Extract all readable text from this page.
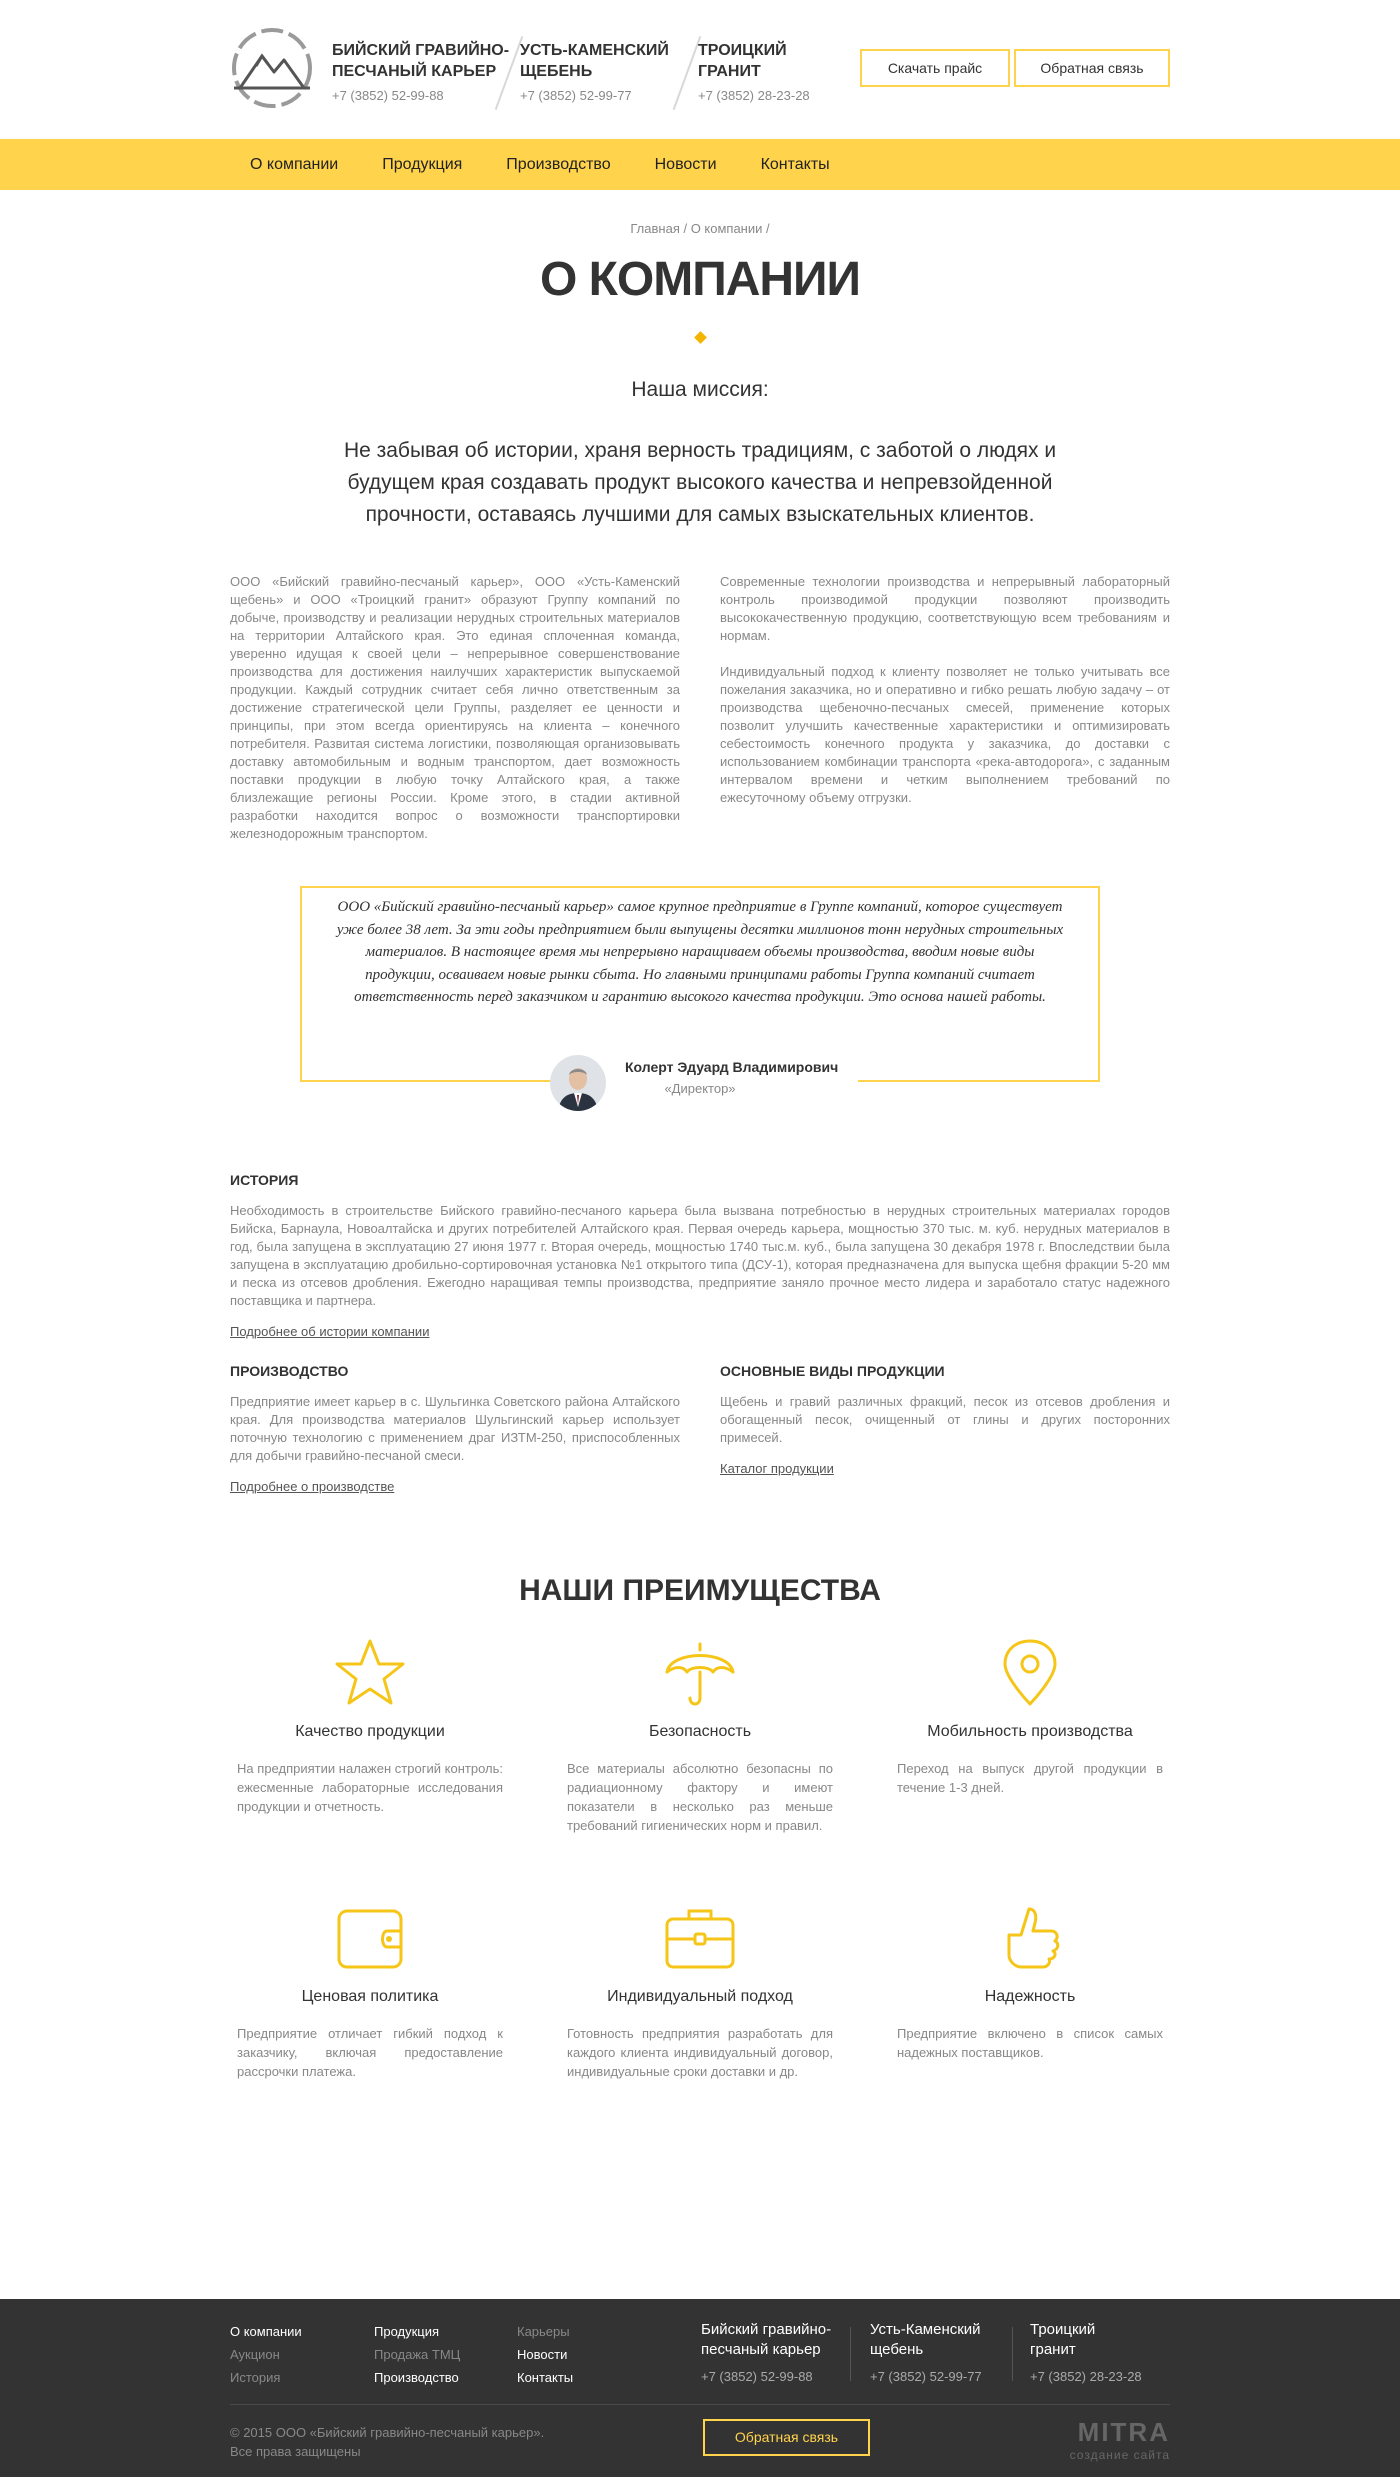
БИЙСКИЙ ГРАВИЙНО-
ПЕСЧАНЫЙ КАРЬЕР
+7 (3852) 52-99-88
УСТЬ-КАМЕНСКИЙ
ЩЕБЕНЬ
+7 (3852) 52-99-77
ТРОИЦКИЙ
ГРАНИТ
+7 (3852) 28-23-28
Скачать прайс	Обратная связь
О компании	Продукция	Производство	Новости	Контакты
Главная / О компании /
О КОМПАНИИ
Наша миссия:
Не забывая об истории, храня верность традициям, с заботой о людях и будущем края создавать продукт высокого качества и непревзойденной прочности, оставаясь лучшими для самых взыскательных клиентов.

ООО «Бийский гравийно-песчаный карьер», ООО «Усть-Каменский щебень» и ООО «Троицкий гранит» образуют Группу компаний по добыче, производству и реализации нерудных строительных материалов на территории Алтайского края. Это единая сплоченная команда, уверенно идущая к своей цели – непрерывное совершенствование производства для достижения наилучших характеристик выпускаемой продукции. Каждый сотрудник считает себя лично ответственным за достижение стратегической цели Группы, разделяет ее ценности и принципы, при этом всегда ориентируясь на клиента – конечного потребителя. Развитая система логистики, позволяющая организовывать доставку автомобильным и водным транспортом, дает возможность поставки продукции в любую точку Алтайского края, а также близлежащие регионы России. Кроме этого, в стадии активной разработки находится вопрос о возможности транспортировки железнодорожным транспортом.

Современные технологии производства и непрерывный лабораторный контроль производимой продукции позволяют производить высококачественную продукцию, соответствующую всем требованиям и нормам.

Индивидуальный подход к клиенту позволяет не только учитывать все пожелания заказчика, но и оперативно и гибко решать любую задачу – от производства щебеночно-песчаных смесей, применение которых позволит улучшить качественные характеристики и оптимизировать себестоимость конечного продукта у заказчика, до доставки с использованием комбинации транспорта «река-автодорога», с заданным интервалом времени и четким выполнением требований по ежесуточному объему отгрузки.

ООО «Бийский гравийно-песчаный карьер» самое крупное предприятие в Группе компаний, которое существует уже более 38 лет. За эти годы предприятием были выпущены десятки миллионов тонн нерудных строительных материалов. В настоящее время мы непрерывно наращиваем объемы производства, вводим новые виды продукции, осваиваем новые рынки сбыта. Но главными принципами работы Группа компаний считает ответственность перед заказчиком и гарантию высокого качества продукции. Это основа нашей работы.
Колерт Эдуард Владимирович
«Директор»
ИСТОРИЯ
Необходимость в строительстве Бийского гравийно-песчаного карьера была вызвана потребностью в нерудных строительных материалах городов Бийска, Барнаула, Новоалтайска и других потребителей Алтайского края. Первая очередь карьера, мощностью 370 тыс. м. куб. нерудных материалов в год, была запущена в эксплуатацию 27 июня 1977 г. Вторая очередь, мощностью 1740 тыс.м. куб., была запущена 30 декабря 1978 г. Впоследствии была запущена в эксплуатацию дробильно-сортировочная установка №1 открытого типа (ДСУ-1), которая предназначена для выпуска щебня фракции 5-20 мм и песка из отсевов дробления. Ежегодно наращивая темпы производства, предприятие заняло прочное место лидера и заработало статус надежного поставщика и партнера.
Подробнее об истории компании
ПРОИЗВОДСТВО
Предприятие имеет карьер в с. Шульгинка Советского района Алтайского края. Для производства материалов Шульгинский карьер использует поточную технологию с применением драг ИЗТМ-250, приспособленных для добычи гравийно-песчаной смеси.
Подробнее о производстве
ОСНОВНЫЕ ВИДЫ ПРОДУКЦИИ
Щебень и гравий различных фракций, песок из отсевов дробления и обогащенный песок, очищенный от глины и других посторонних примесей.
Каталог продукции
НАШИ ПРЕИМУЩЕСТВА
Качество продукции
На предприятии налажен строгий контроль: ежесменные лабораторные исследования продукции и отчетность.
Безопасность
Все материалы абсолютно безопасны по радиационному фактору и имеют показатели в несколько раз меньше требований гигиенических норм и правил.
Мобильность производства
Переход на выпуск другой продукции в течение 1-3 дней.
Ценовая политика
Предприятие отличает гибкий подход к заказчику, включая предоставление рассрочки платежа.
Индивидуальный подход
Готовность предприятия разработать для каждого клиента индивидуальный договор, индивидуальные сроки доставки и др.
Надежность
Предприятие включено в список самых надежных поставщиков.
О компании
Аукцион
История
Продукция
Продажа ТМЦ
Производство
Карьеры
Новости
Контакты
Бийский гравийно-
песчаный карьер
+7 (3852) 52-99-88
Усть-Каменский
щебень
+7 (3852) 52-99-77
Троицкий
гранит
+7 (3852) 28-23-28
© 2015 ООО «Бийский гравийно-песчаный карьер».
Все права защищены
Обратная связь	MITRA
создание сайта
